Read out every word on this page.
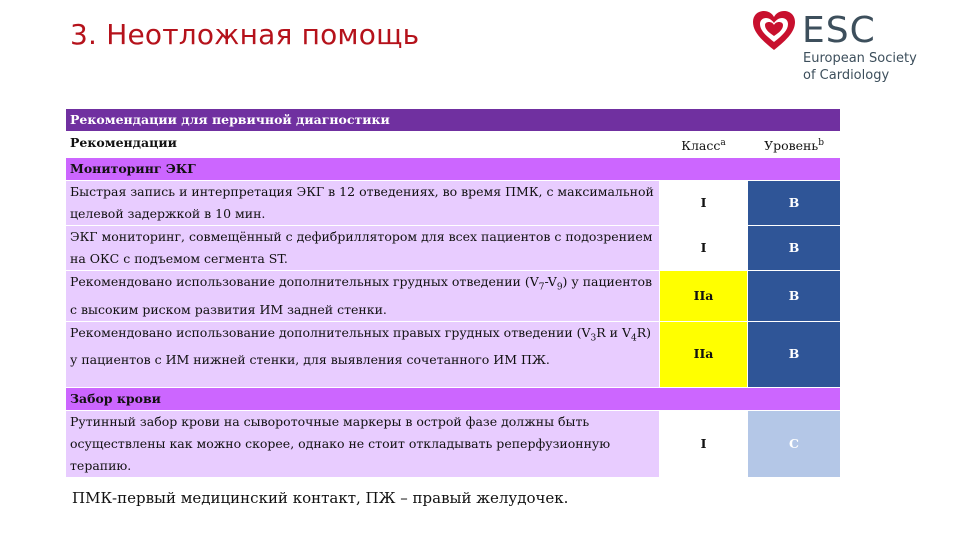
3. Неотложная помощь	ESC
European Society
of Cardiology
Рекомендации для первичной диагностики		
Рекомендации	Класс$^a$	Уровень$^b$
Мониторинг ЭКГ		
Быстрая запись и интерпретация ЭКГ в 12 отведениях, во время ПМК, с максимальной целевой задержкой в 10 мин.	I	B
ЭКГ мониторинг, совмещённый с дефибриллятором для всех пациентов с подозрением на ОКС с подъемом сегмента ST.	I	B
Рекомендовано использование дополнительных грудных отведении $(V_7-V_9)$ у пациентов с высоким риском развития ИМ задней стенки.	IIa	B
Рекомендовано использование дополнительных правых грудных отведении ($V_3R$ и $V_4R$) у пациентов с ИМ нижней стенки, для выявления сочетанного ИМ ПЖ.	IIa	B
Забор крови		
Рутинный забор крови на сывороточные маркеры в острой фазе должны быть осуществлены как можно скорее, однако не стоит откладывать реперфузионную терапию.	I	C
ПМК-первый медицинский контакт, ПЖ – правый желудочек.
